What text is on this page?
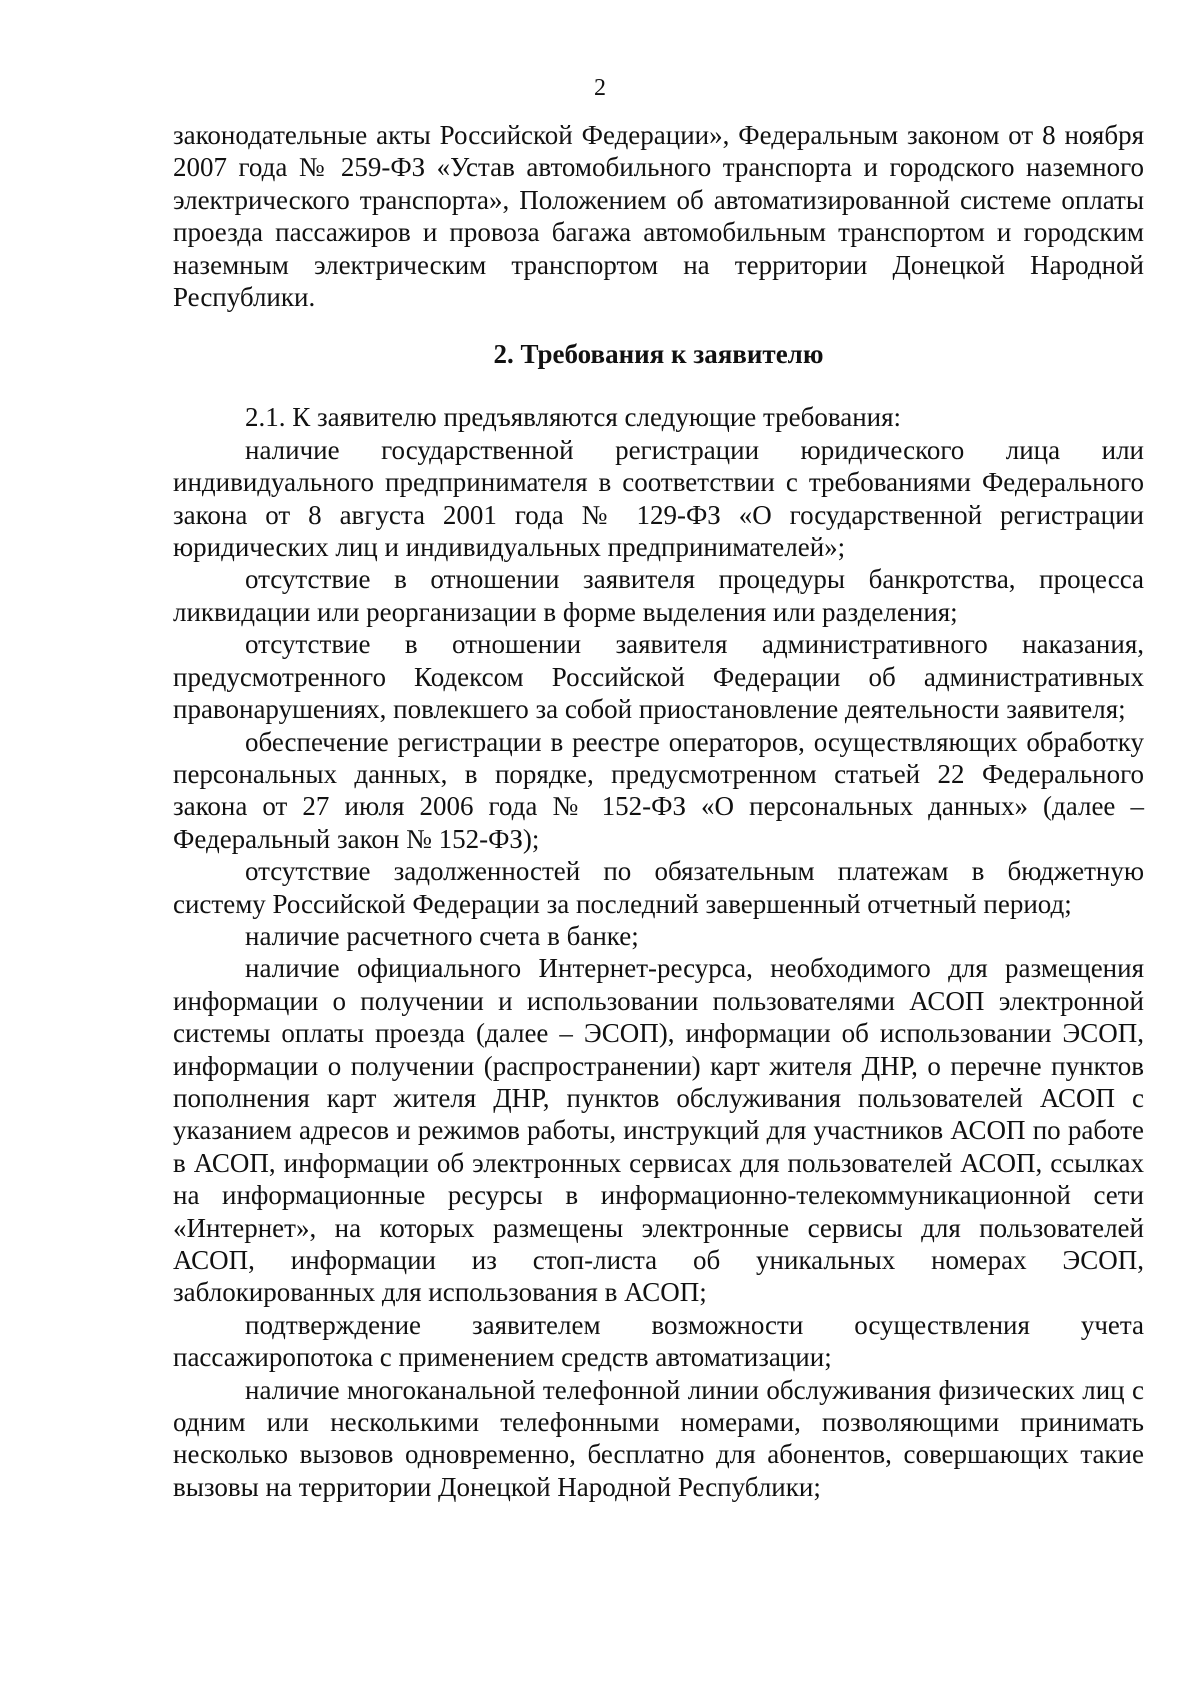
2

законодательные акты Российской Федерации», Федеральным законом от 8 ноября 2007 года № 259-ФЗ «Устав автомобильного транспорта и городского наземного электрического транспорта», Положением об автоматизированной системе оплаты проезда пассажиров и провоза багажа автомобильным транспортом и городским наземным электрическим транспортом на территории Донецкой Народной Республики.

2. Требования к заявителю

2.1. К заявителю предъявляются следующие требования:

наличие государственной регистрации юридического лица или индивидуального предпринимателя в соответствии с требованиями Федерального закона от 8 августа 2001 года № 129-ФЗ «О государственной регистрации юридических лиц и индивидуальных предпринимателей»;

отсутствие в отношении заявителя процедуры банкротства, процесса ликвидации или реорганизации в форме выделения или разделения;

отсутствие в отношении заявителя административного наказания, предусмотренного Кодексом Российской Федерации об административных правонарушениях, повлекшего за собой приостановление деятельности заявителя;

обеспечение регистрации в реестре операторов, осуществляющих обработку персональных данных, в порядке, предусмотренном статьей 22 Федерального закона от 27 июля 2006 года № 152-ФЗ «О персональных данных» (далее – Федеральный закон № 152-ФЗ);

отсутствие задолженностей по обязательным платежам в бюджетную систему Российской Федерации за последний завершенный отчетный период;

наличие расчетного счета в банке;

наличие официального Интернет-ресурса, необходимого для размещения информации о получении и использовании пользователями АСОП электронной системы оплаты проезда (далее – ЭСОП), информации об использовании ЭСОП, информации о получении (распространении) карт жителя ДНР, о перечне пунктов пополнения карт жителя ДНР, пунктов обслуживания пользователей АСОП с указанием адресов и режимов работы, инструкций для участников АСОП по работе в АСОП, информации об электронных сервисах для пользователей АСОП, ссылках на информационные ресурсы в информационно-телекоммуникационной сети «Интернет», на которых размещены электронные сервисы для пользователей АСОП, информации из стоп-листа об уникальных номерах ЭСОП, заблокированных для использования в АСОП;

подтверждение заявителем возможности осуществления учета пассажиропотока с применением средств автоматизации;

наличие многоканальной телефонной линии обслуживания физических лиц с одним или несколькими телефонными номерами, позволяющими принимать несколько вызовов одновременно, бесплатно для абонентов, совершающих такие вызовы на территории Донецкой Народной Республики;
